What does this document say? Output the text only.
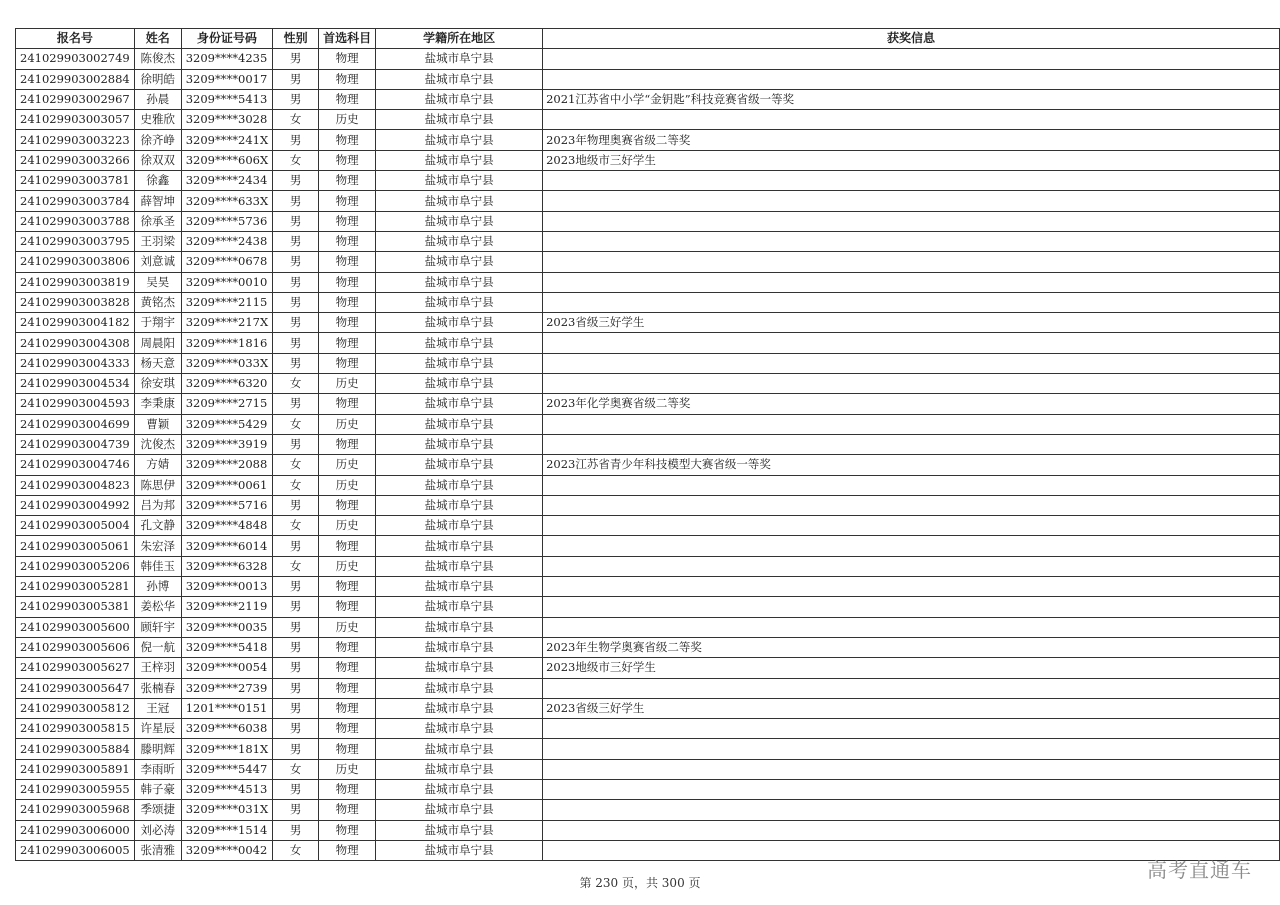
报名号	姓名	身份证号码	性别	首选科目	学籍所在地区	获奖信息
241029903002749	陈俊杰	3209****4235	男	物理	盐城市阜宁县	
241029903002884	徐明皓	3209****0017	男	物理	盐城市阜宁县	
241029903002967	孙晨	3209****5413	男	物理	盐城市阜宁县	2021江苏省中小学“金钥匙”科技竞赛省级一等奖
241029903003057	史雅欣	3209****3028	女	历史	盐城市阜宁县	
241029903003223	徐齐峥	3209****241X	男	物理	盐城市阜宁县	2023年物理奥赛省级二等奖
241029903003266	徐双双	3209****606X	女	物理	盐城市阜宁县	2023地级市三好学生
241029903003781	徐鑫	3209****2434	男	物理	盐城市阜宁县	
241029903003784	薛智坤	3209****633X	男	物理	盐城市阜宁县	
241029903003788	徐承圣	3209****5736	男	物理	盐城市阜宁县	
241029903003795	王羽梁	3209****2438	男	物理	盐城市阜宁县	
241029903003806	刘意诚	3209****0678	男	物理	盐城市阜宁县	
241029903003819	吴昊	3209****0010	男	物理	盐城市阜宁县	
241029903003828	黄铭杰	3209****2115	男	物理	盐城市阜宁县	
241029903004182	于翔宇	3209****217X	男	物理	盐城市阜宁县	2023省级三好学生
241029903004308	周晨阳	3209****1816	男	物理	盐城市阜宁县	
241029903004333	杨天意	3209****033X	男	物理	盐城市阜宁县	
241029903004534	徐安琪	3209****6320	女	历史	盐城市阜宁县	
241029903004593	李秉康	3209****2715	男	物理	盐城市阜宁县	2023年化学奥赛省级二等奖
241029903004699	曹颖	3209****5429	女	历史	盐城市阜宁县	
241029903004739	沈俊杰	3209****3919	男	物理	盐城市阜宁县	
241029903004746	方婧	3209****2088	女	历史	盐城市阜宁县	2023江苏省青少年科技模型大赛省级一等奖
241029903004823	陈思伊	3209****0061	女	历史	盐城市阜宁县	
241029903004992	吕为邦	3209****5716	男	物理	盐城市阜宁县	
241029903005004	孔文静	3209****4848	女	历史	盐城市阜宁县	
241029903005061	朱宏泽	3209****6014	男	物理	盐城市阜宁县	
241029903005206	韩佳玉	3209****6328	女	历史	盐城市阜宁县	
241029903005281	孙博	3209****0013	男	物理	盐城市阜宁县	
241029903005381	姜松华	3209****2119	男	物理	盐城市阜宁县	
241029903005600	顾轩宇	3209****0035	男	历史	盐城市阜宁县	
241029903005606	倪一航	3209****5418	男	物理	盐城市阜宁县	2023年生物学奥赛省级二等奖
241029903005627	王梓羽	3209****0054	男	物理	盐城市阜宁县	2023地级市三好学生
241029903005647	张楠春	3209****2739	男	物理	盐城市阜宁县	
241029903005812	王冠	1201****0151	男	物理	盐城市阜宁县	2023省级三好学生
241029903005815	许星辰	3209****6038	男	物理	盐城市阜宁县	
241029903005884	滕明辉	3209****181X	男	物理	盐城市阜宁县	
241029903005891	李雨昕	3209****5447	女	历史	盐城市阜宁县	
241029903005955	韩子豪	3209****4513	男	物理	盐城市阜宁县	
241029903005968	季颂捷	3209****031X	男	物理	盐城市阜宁县	
241029903006000	刘必涛	3209****1514	男	物理	盐城市阜宁县	
241029903006005	张清雅	3209****0042	女	物理	盐城市阜宁县	
第 230 页，共 300 页
高考直通车
